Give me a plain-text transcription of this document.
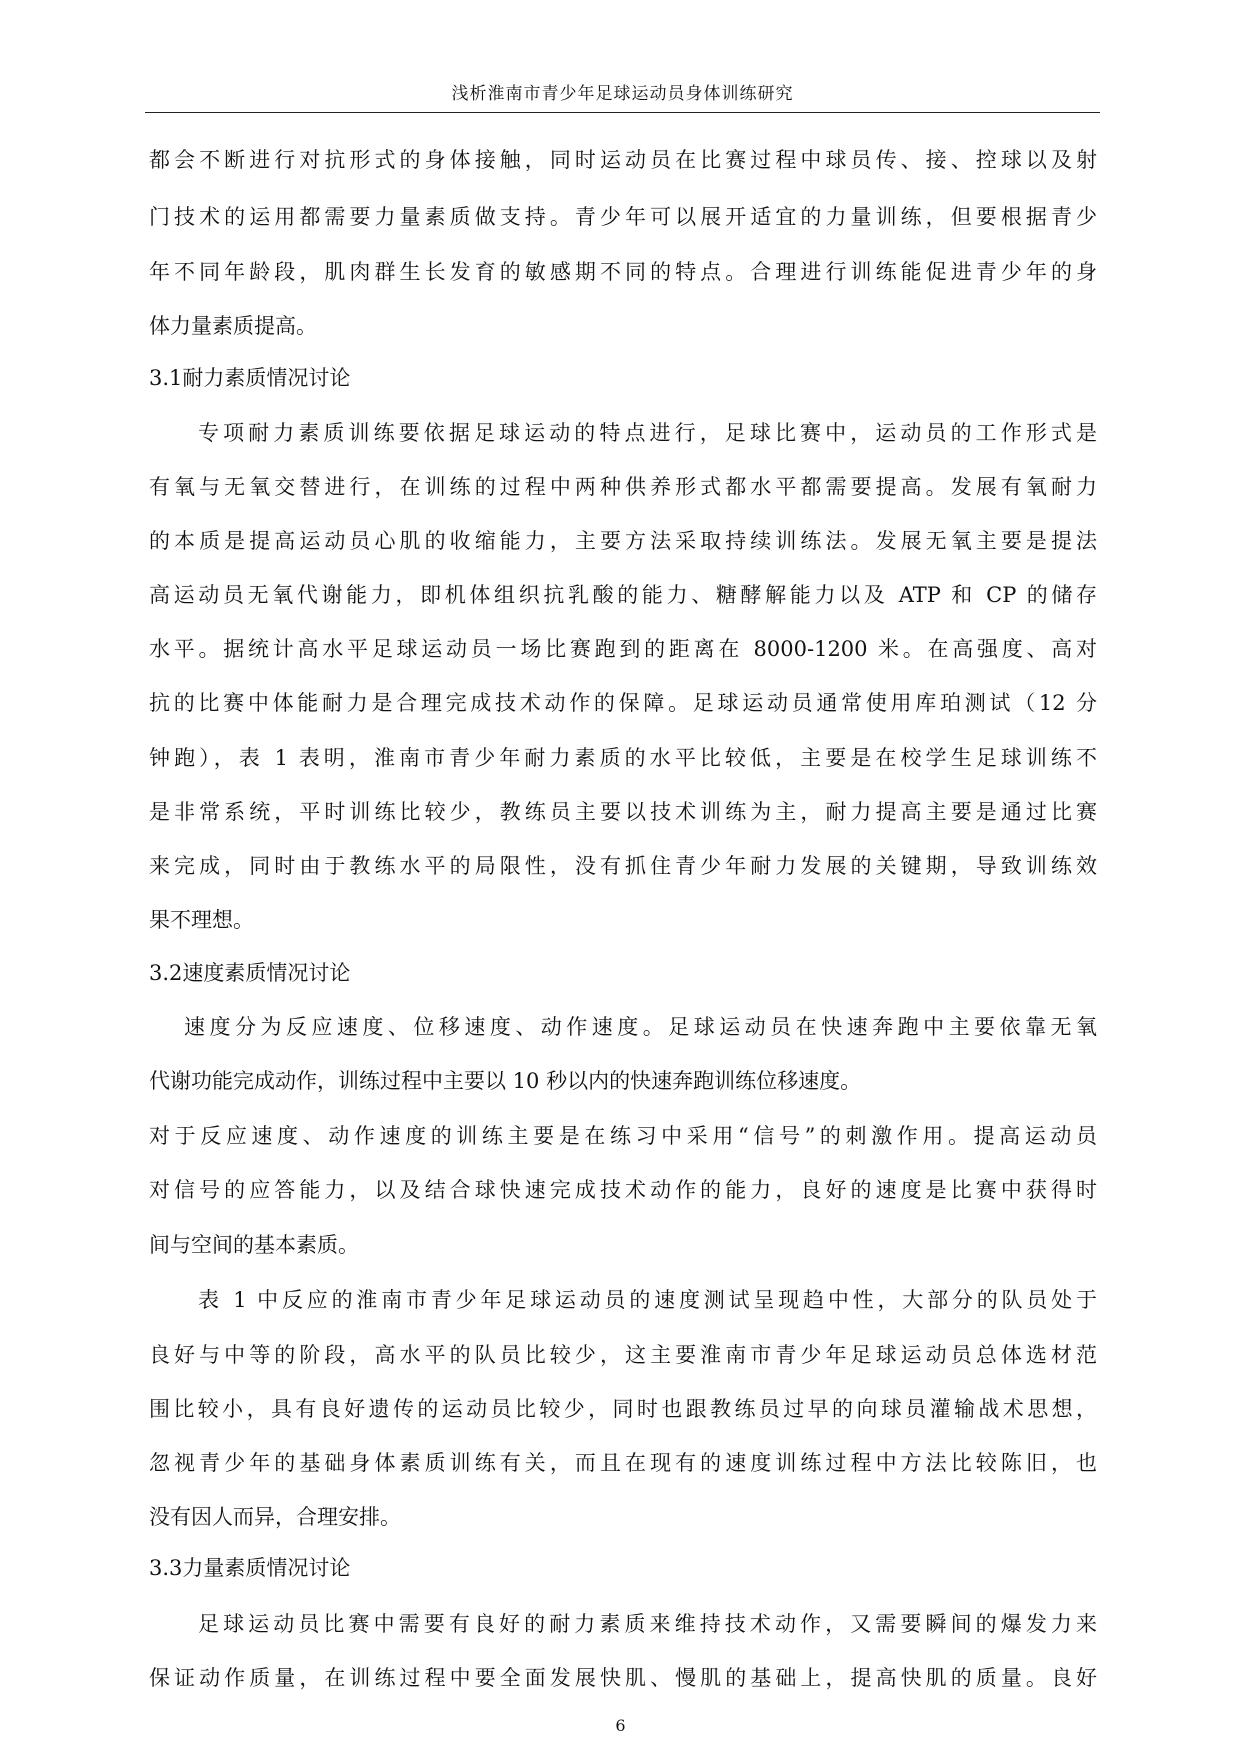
浅析淮南市青少年足球运动员身体训练研究
都会不断进行对抗形式的身体接触，同时运动员在比赛过程中球员传、接、控球以及射
门技术的运用都需要力量素质做支持。青少年可以展开适宜的力量训练，但要根据青少
年不同年龄段，肌肉群生长发育的敏感期不同的特点。合理进行训练能促进青少年的身
体力量素质提高。
3.1耐力素质情况讨论
专项耐力素质训练要依据足球运动的特点进行，足球比赛中，运动员的工作形式是
有氧与无氧交替进行，在训练的过程中两种供养形式都水平都需要提高。发展有氧耐力
的本质是提高运动员心肌的收缩能力，主要方法采取持续训练法。发展无氧主要是提法
高运动员无氧代谢能力，即机体组织抗乳酸的能力、糖酵解能力以及 ATP 和 CP 的储存
水平。据统计高水平足球运动员一场比赛跑到的距离在 8000-1200 米。在高强度、高对
抗的比赛中体能耐力是合理完成技术动作的保障。足球运动员通常使用库珀测试（12 分
钟跑），表 1 表明，淮南市青少年耐力素质的水平比较低，主要是在校学生足球训练不
是非常系统，平时训练比较少，教练员主要以技术训练为主，耐力提高主要是通过比赛
来完成，同时由于教练水平的局限性，没有抓住青少年耐力发展的关键期，导致训练效
果不理想。
3.2速度素质情况讨论
速度分为反应速度、位移速度、动作速度。足球运动员在快速奔跑中主要依靠无氧
代谢功能完成动作，训练过程中主要以 10 秒以内的快速奔跑训练位移速度。
对于反应速度、动作速度的训练主要是在练习中采用“信号”的刺激作用。提高运动员
对信号的应答能力，以及结合球快速完成技术动作的能力，良好的速度是比赛中获得时
间与空间的基本素质。
表 1 中反应的淮南市青少年足球运动员的速度测试呈现趋中性，大部分的队员处于
良好与中等的阶段，高水平的队员比较少，这主要淮南市青少年足球运动员总体选材范
围比较小，具有良好遗传的运动员比较少，同时也跟教练员过早的向球员灌输战术思想，
忽视青少年的基础身体素质训练有关，而且在现有的速度训练过程中方法比较陈旧，也
没有因人而异，合理安排。
3.3力量素质情况讨论
足球运动员比赛中需要有良好的耐力素质来维持技术动作，又需要瞬间的爆发力来
保证动作质量，在训练过程中要全面发展快肌、慢肌的基础上，提高快肌的质量。良好
6
